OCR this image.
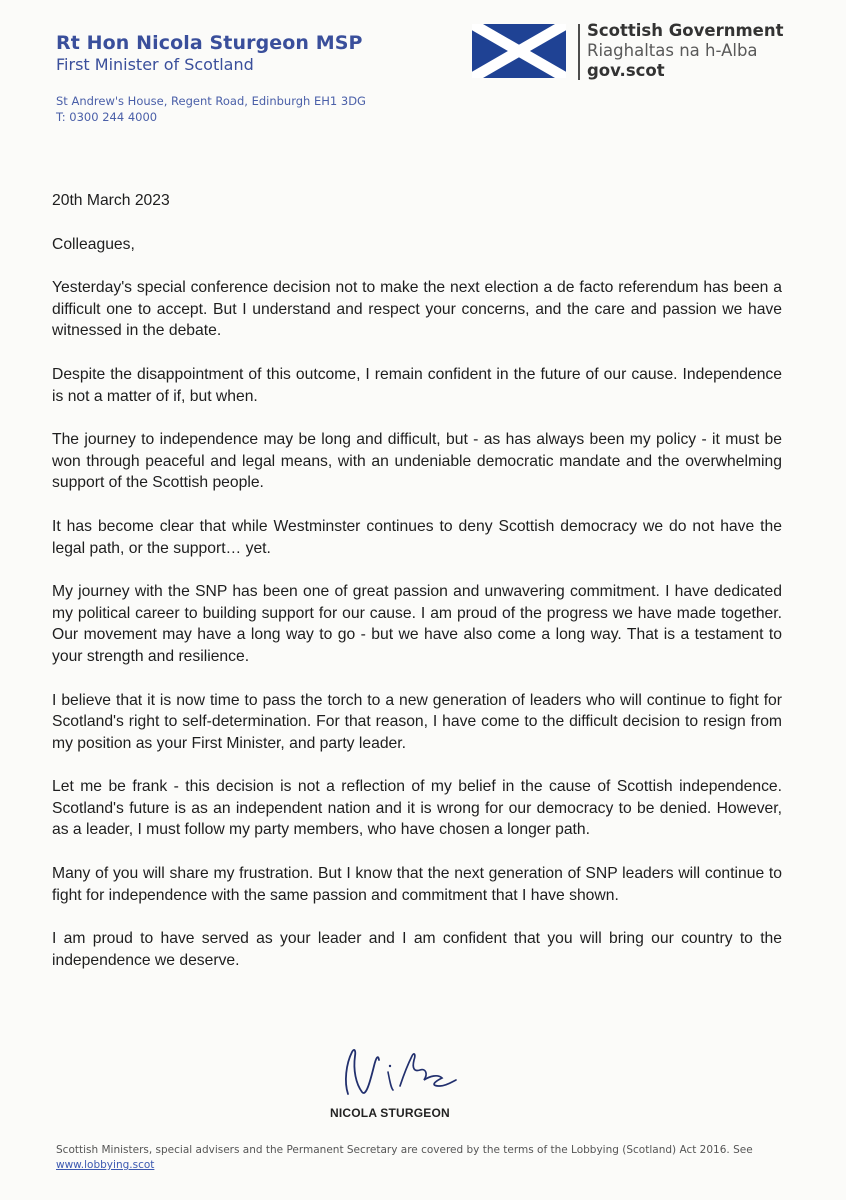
Rt Hon Nicola Sturgeon MSP
First Minister of Scotland
St Andrew's House, Regent Road, Edinburgh EH1 3DG
T: 0300 244 4000
Scottish Government
Riaghaltas na h-Alba
gov.scot

20th March 2023

Colleagues,

Yesterday's special conference decision not to make the next election a de facto referendum has been a difficult one to accept. But I understand and respect your concerns, and the care and passion we have witnessed in the debate.

Despite the disappointment of this outcome, I remain confident in the future of our cause. Independence is not a matter of if, but when.

The journey to independence may be long and difficult, but - as has always been my policy - it must be won through peaceful and legal means, with an undeniable democratic mandate and the overwhelming support of the Scottish people.

It has become clear that while Westminster continues to deny Scottish democracy we do not have the legal path, or the support… yet.

My journey with the SNP has been one of great passion and unwavering commitment. I have dedicated my political career to building support for our cause. I am proud of the progress we have made together. Our movement may have a long way to go - but we have also come a long way. That is a testament to your strength and resilience.

I believe that it is now time to pass the torch to a new generation of leaders who will continue to fight for Scotland's right to self-determination. For that reason, I have come to the difficult decision to resign from my position as your First Minister, and party leader.

Let me be frank - this decision is not a reflection of my belief in the cause of Scottish independence. Scotland's future is as an independent nation and it is wrong for our democracy to be denied. However, as a leader, I must follow my party members, who have chosen a longer path.

Many of you will share my frustration. But I know that the next generation of SNP leaders will continue to fight for independence with the same passion and commitment that I have shown.

I am proud to have served as your leader and I am confident that you will bring our country to the independence we deserve.

NICOLA STURGEON
Scottish Ministers, special advisers and the Permanent Secretary are covered by the terms of the Lobbying (Scotland) Act 2016. See www.lobbying.scot
